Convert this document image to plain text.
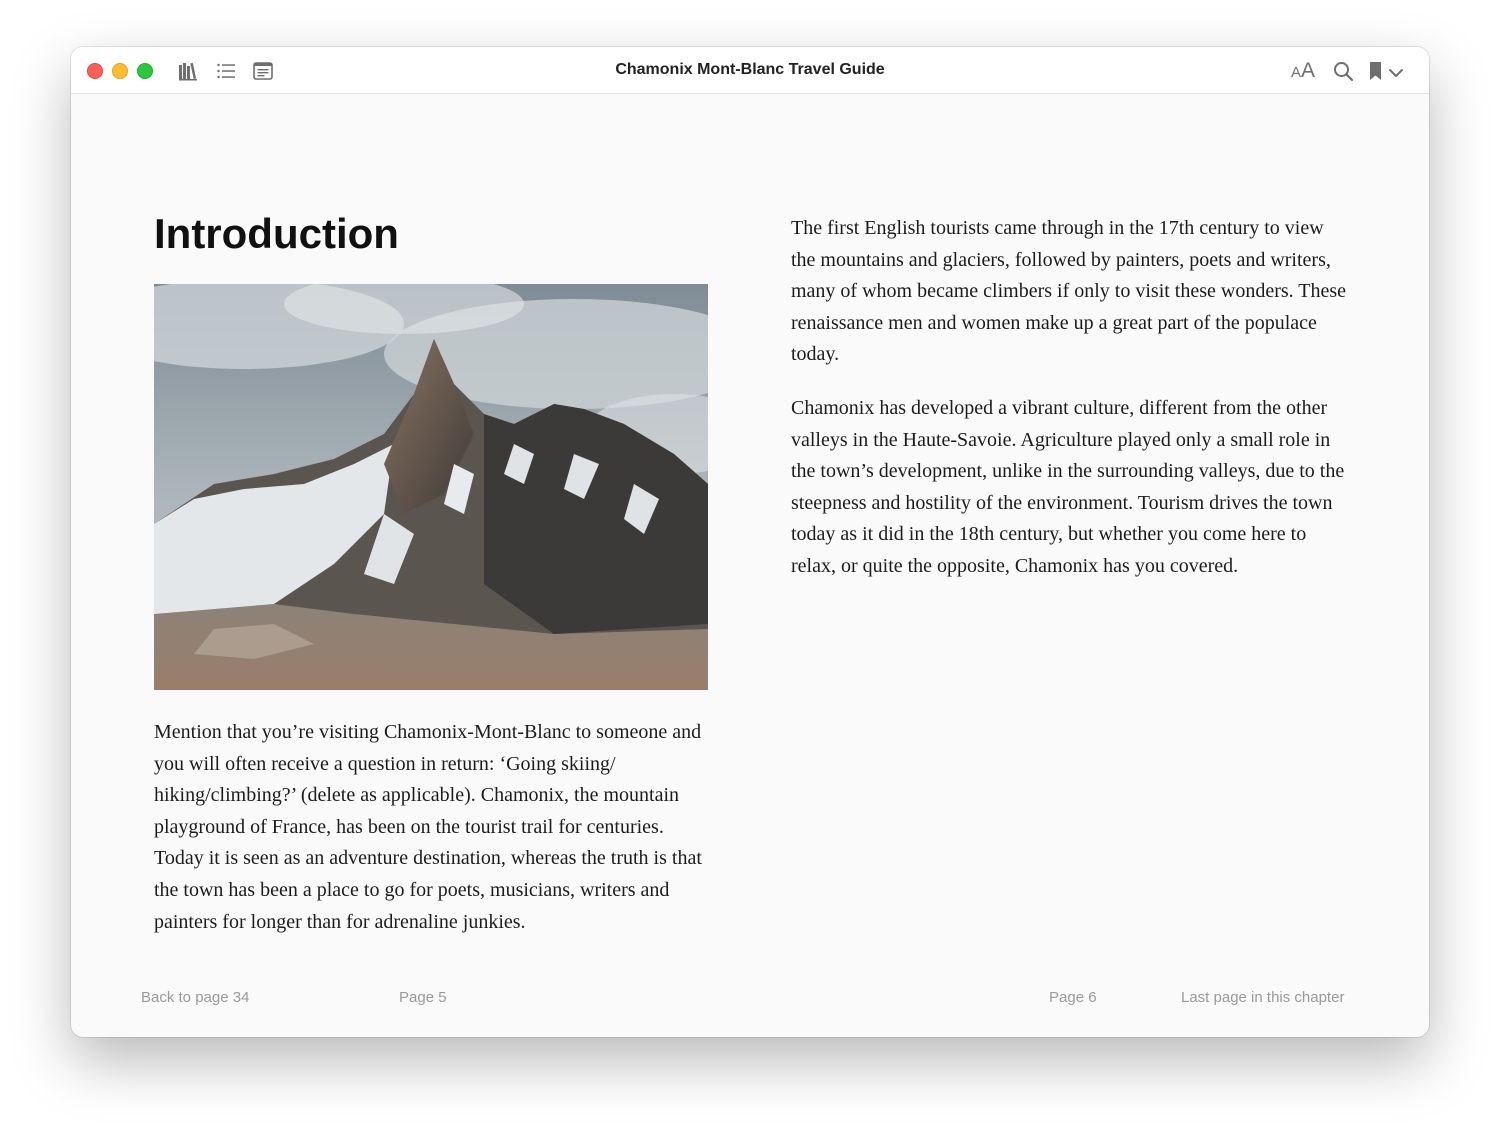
Chamonix Mont-Blanc Travel Guide	AA
Introduction

Mention that you’re visiting Chamonix-Mont-Blanc to someone and you will often receive a question in return: ‘Going skiing/ hiking/climbing?’ (delete as applicable). Chamonix, the mountain playground of France, has been on the tourist trail for centuries. Today it is seen as an adventure destination, whereas the truth is that the town has been a place to go for poets, musicians, writers and painters for longer than for adrenaline junkies.

The first English tourists came through in the 17th century to view the mountains and glaciers, followed by painters, poets and writers, many of whom became climbers if only to visit these wonders. These renaissance men and women make up a great part of the populace today.

Chamonix has developed a vibrant culture, different from the other valleys in the Haute-Savoie. Agriculture played only a small role in the town’s development, unlike in the surrounding valleys, due to the steepness and hostility of the environment. Tourism drives the town today as it did in the 18th century, but whether you come here to relax, or quite the opposite, Chamonix has you covered.

Back to page 34	Page 5	Page 6	Last page in this chapter
